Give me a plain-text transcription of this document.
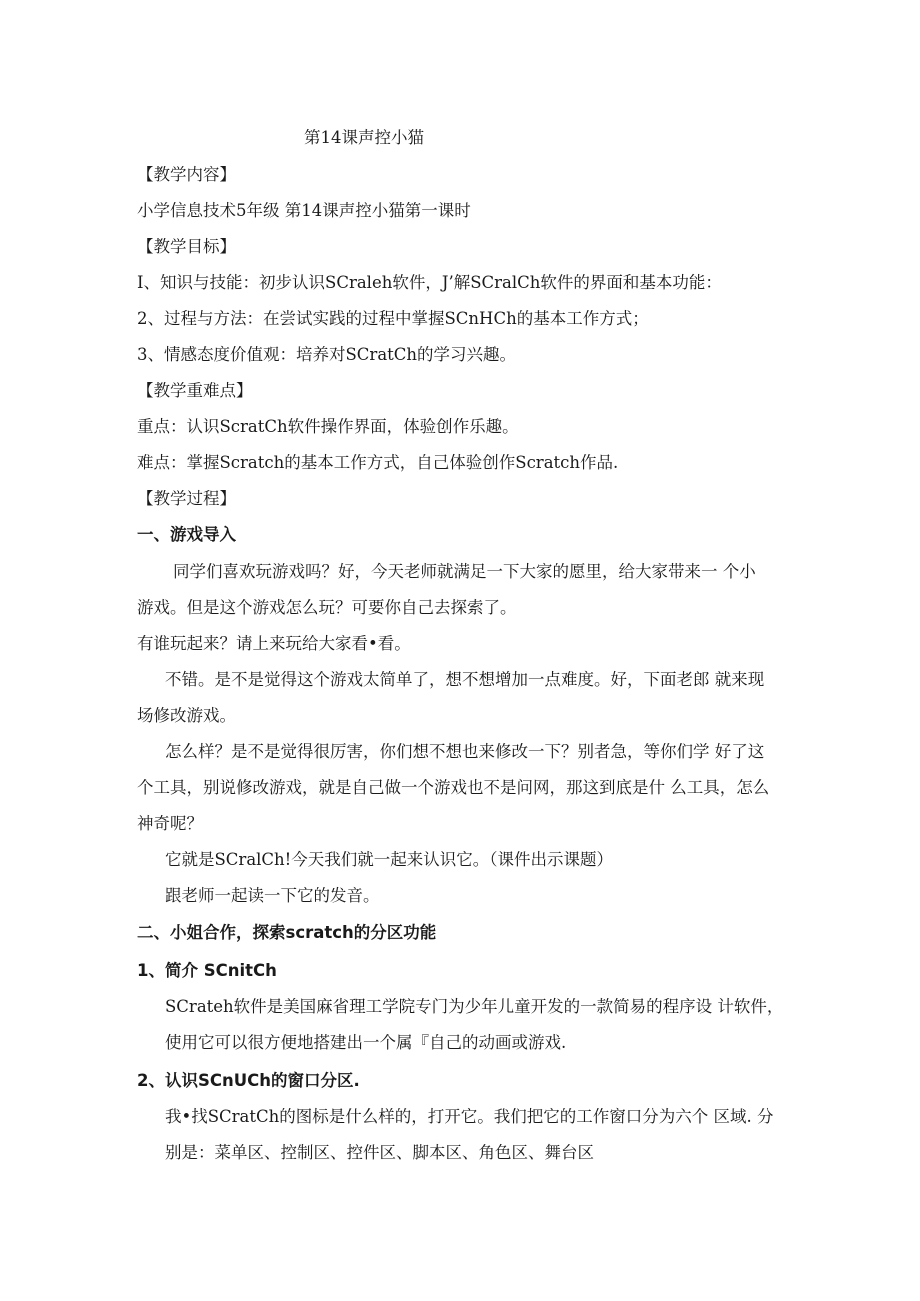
第14课声控小猫
【教学内容】
小学信息技术5年级 第14课声控小猫第一课时
【教学目标】
I、知识与技能：初步认识SCraleh软件，J’解SCralCh软件的界面和基本功能：
2、过程与方法：在尝试实践的过程中掌握SCnHCh的基本工作方式；
3、情感态度价值观：培养对SCratCh的学习兴趣。
【教学重难点】
重点：认识ScratCh软件操作界面，体验创作乐趣。
难点：掌握Scratch的基本工作方式，自己体验创作Scratch作品.
【教学过程】
一、游戏导入
同学们喜欢玩游戏吗？好，今天老师就满足一下大家的愿里，给大家带来一 个小
游戏。但是这个游戏怎么玩？可要你自己去探索了。
有谁玩起来？请上来玩给大家看•看。
不错。是不是觉得这个游戏太简单了，想不想增加一点难度。好，下面老郎 就来现
场修改游戏。
怎么样？是不是觉得很厉害，你们想不想也来修改一下？别者急，等你们学 好了这
个工具，别说修改游戏，就是自己做一个游戏也不是问网，那这到底是什 么工具，怎么
神奇呢？
它就是SCralCh!今天我们就一起来认识它。（课件出示课题）
跟老师一起读一下它的发音。
二、小姐合作，探索scratch的分区功能
1、简介 SCnitCh
SCrateh软件是美国麻省理工学院专门为少年儿童开发的一款简易的程序设 计软件，
使用它可以很方便地搭建出一个属『自己的动画或游戏.
2、认识SCnUCh的窗口分区.
我•找SCratCh的图标是什么样的，打开它。我们把它的工作窗口分为六个 区域. 分
别是：菜单区、控制区、控件区、脚本区、角色区、舞台区
